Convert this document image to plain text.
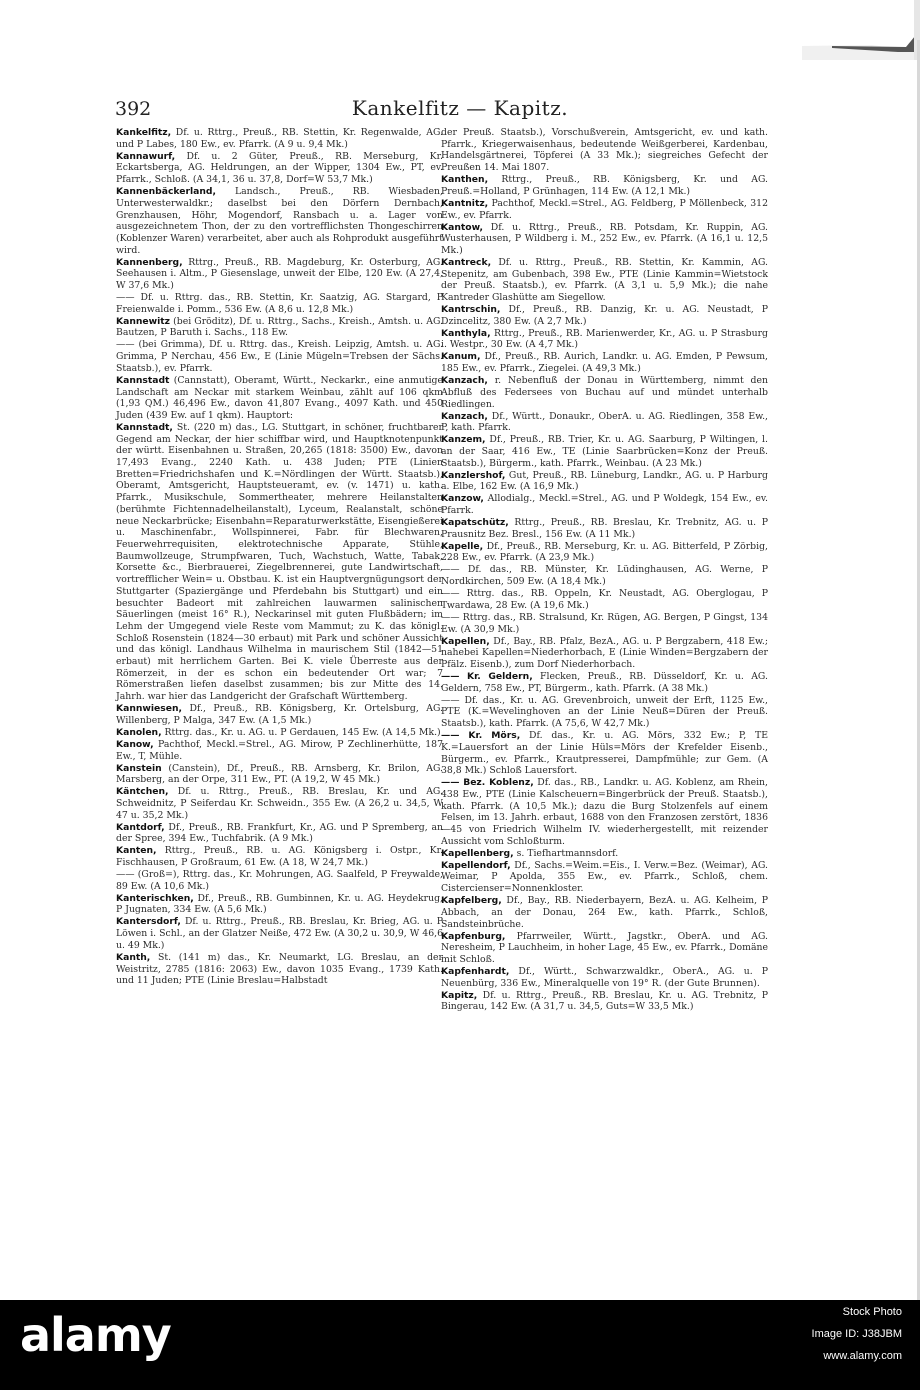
392	Kankelfitz — Kapitz.

Kankelfitz, Df. u. Rttrg., Preuß., RB. Stettin, Kr. Regenwalde, AG. und P Labes, 180 Ew., ev. Pfarrk. (A 9 u. 9,4 Mk.)

Kannawurf, Df. u. 2 Güter, Preuß., RB. Merseburg, Kr. Eckartsberga, AG. Heldrungen, an der Wipper, 1304 Ew., PT, ev. Pfarrk., Schloß. (A 34,1, 36 u. 37,8, Dorf=W 53,7 Mk.)

Kannenbäckerland, Landsch., Preuß., RB. Wiesbaden, Unterwesterwaldkr.; daselbst bei den Dörfern Dernbach, Grenzhausen, Höhr, Mogendorf, Ransbach u. a. Lager von ausgezeichnetem Thon, der zu den vortrefflichsten Thongeschirren (Koblenzer Waren) verarbeitet, aber auch als Rohprodukt ausgeführt wird.

Kannenberg, Rttrg., Preuß., RB. Magdeburg, Kr. Osterburg, AG. Seehausen i. Altm., P Giesenslage, unweit der Elbe, 120 Ew. (A 27,4, W 37,6 Mk.)

—— Df. u. Rttrg. das., RB. Stettin, Kr. Saatzig, AG. Stargard, P Freienwalde i. Pomm., 536 Ew. (A 8,6 u. 12,8 Mk.)

Kannewitz (bei Gröditz), Df. u. Rttrg., Sachs., Kreish., Amtsh. u. AG. Bautzen, P Baruth i. Sachs., 118 Ew.

—— (bei Grimma), Df. u. Rttrg. das., Kreish. Leipzig, Amtsh. u. AG. Grimma, P Nerchau, 456 Ew., E (Linie Mügeln=Trebsen der Sächs. Staatsb.), ev. Pfarrk.

Kannstadt (Cannstatt), Oberamt, Württ., Neckarkr., eine anmutige Landschaft am Neckar mit starkem Weinbau, zählt auf 106 qkm (1,93 QM.) 46,496 Ew., davon 41,807 Evang., 4097 Kath. und 450 Juden (439 Ew. auf 1 qkm). Hauptort:

Kannstadt, St. (220 m) das., LG. Stuttgart, in schöner, fruchtbarer Gegend am Neckar, der hier schiffbar wird, und Hauptknotenpunkt der württ. Eisenbahnen u. Straßen, 20,265 (1818: 3500) Ew., davon 17,493 Evang., 2240 Kath. u. 438 Juden; PTE (Linien Bretten=Friedrichshafen und K.=Nördlingen der Württ. Staatsb.), Oberamt, Amtsgericht, Hauptsteueramt, ev. (v. 1471) u. kath. Pfarrk., Musikschule, Sommertheater, mehrere Heilanstalten (berühmte Fichtennadelheilanstalt), Lyceum, Realanstalt, schöne neue Neckarbrücke; Eisenbahn=Reparaturwerkstätte, Eisengießerei u. Maschinenfabr., Wollspinnerei, Fabr. für Blechwaren, Feuerwehrrequisiten, elektrotechnische Apparate, Stühle, Baumwollzeuge, Strumpfwaren, Tuch, Wachstuch, Watte, Tabak, Korsette &c., Bierbrauerei, Ziegelbrennerei, gute Landwirtschaft, vortrefflicher Wein= u. Obstbau. K. ist ein Hauptvergnügungsort der Stuttgarter (Spaziergänge und Pferdebahn bis Stuttgart) und ein besuchter Badeort mit zahlreichen lauwarmen salinischen Säuerlingen (meist 16° R.), Neckarinsel mit guten Flußbädern; im Lehm der Umgegend viele Reste vom Mammut; zu K. das königl. Schloß Rosenstein (1824—30 erbaut) mit Park und schöner Aussicht und das königl. Landhaus Wilhelma in maurischem Stil (1842—51 erbaut) mit herrlichem Garten. Bei K. viele Überreste aus der Römerzeit, in der es schon ein bedeutender Ort war; 7 Römerstraßen liefen daselbst zusammen; bis zur Mitte des 14. Jahrh. war hier das Landgericht der Grafschaft Württemberg.

Kannwiesen, Df., Preuß., RB. Königsberg, Kr. Ortelsburg, AG. Willenberg, P Malga, 347 Ew. (A 1,5 Mk.)

Kanolen, Rttrg. das., Kr. u. AG. u. P Gerdauen, 145 Ew. (A 14,5 Mk.)

Kanow, Pachthof, Meckl.=Strel., AG. Mirow, P Zechlinerhütte, 187 Ew., T, Mühle.

Kanstein (Canstein), Df., Preuß., RB. Arnsberg, Kr. Brilon, AG. Marsberg, an der Orpe, 311 Ew., PT. (A 19,2, W 45 Mk.)

Käntchen, Df. u. Rttrg., Preuß., RB. Breslau, Kr. und AG. Schweidnitz, P Seiferdau Kr. Schweidn., 355 Ew. (A 26,2 u. 34,5, W 47 u. 35,2 Mk.)

Kantdorf, Df., Preuß., RB. Frankfurt, Kr., AG. und P Spremberg, an der Spree, 394 Ew., Tuchfabrik. (A 9 Mk.)

Kanten, Rttrg., Preuß., RB. u. AG. Königsberg i. Ostpr., Kr. Fischhausen, P Großraum, 61 Ew. (A 18, W 24,7 Mk.)

—— (Groß=), Rttrg. das., Kr. Mohrungen, AG. Saalfeld, P Freywalde, 89 Ew. (A 10,6 Mk.)

Kanterischken, Df., Preuß., RB. Gumbinnen, Kr. u. AG. Heydekrug, P Jugnaten, 334 Ew. (A 5,6 Mk.)

Kantersdorf, Df. u. Rttrg., Preuß., RB. Breslau, Kr. Brieg, AG. u. P Löwen i. Schl., an der Glatzer Neiße, 472 Ew. (A 30,2 u. 30,9, W 46,6 u. 49 Mk.)

Kanth, St. (141 m) das., Kr. Neumarkt, LG. Breslau, an der Weistritz, 2785 (1816: 2063) Ew., davon 1035 Evang., 1739 Kath. und 11 Juden; PTE (Linie Breslau=Halbstadt

der Preuß. Staatsb.), Vorschußverein, Amtsgericht, ev. und kath. Pfarrk., Kriegerwaisenhaus, bedeutende Weißgerberei, Kardenbau, Handelsgärtnerei, Töpferei (A 33 Mk.); siegreiches Gefecht der Preußen 14. Mai 1807.

Kanthen, Rttrg., Preuß., RB. Königsberg, Kr. und AG. Preuß.=Holland, P Grünhagen, 114 Ew. (A 12,1 Mk.)

Kantnitz, Pachthof, Meckl.=Strel., AG. Feldberg, P Möllenbeck, 312 Ew., ev. Pfarrk.

Kantow, Df. u. Rttrg., Preuß., RB. Potsdam, Kr. Ruppin, AG. Wusterhausen, P Wildberg i. M., 252 Ew., ev. Pfarrk. (A 16,1 u. 12,5 Mk.)

Kantreck, Df. u. Rttrg., Preuß., RB. Stettin, Kr. Kammin, AG. Stepenitz, am Gubenbach, 398 Ew., PTE (Linie Kammin=Wietstock der Preuß. Staatsb.), ev. Pfarrk. (A 3,1 u. 5,9 Mk.); die nahe Kantreder Glashütte am Siegellow.

Kantrschin, Df., Preuß., RB. Danzig, Kr. u. AG. Neustadt, P Dzincelitz, 380 Ew. (A 2,7 Mk.)

Kanthyla, Rttrg., Preuß., RB. Marienwerder, Kr., AG. u. P Strasburg i. Westpr., 30 Ew. (A 4,7 Mk.)

Kanum, Df., Preuß., RB. Aurich, Landkr. u. AG. Emden, P Pewsum, 185 Ew., ev. Pfarrk., Ziegelei. (A 49,3 Mk.)

Kanzach, r. Nebenfluß der Donau in Württemberg, nimmt den Abfluß des Federsees von Buchau auf und mündet unterhalb Riedlingen.

Kanzach, Df., Württ., Donaukr., OberA. u. AG. Riedlingen, 358 Ew., P, kath. Pfarrk.

Kanzem, Df., Preuß., RB. Trier, Kr. u. AG. Saarburg, P Wiltingen, l. an der Saar, 416 Ew., TE (Linie Saarbrücken=Konz der Preuß. Staatsb.), Bürgerm., kath. Pfarrk., Weinbau. (A 23 Mk.)

Kanzlershof, Gut, Preuß., RB. Lüneburg, Landkr., AG. u. P Harburg a. Elbe, 162 Ew. (A 16,9 Mk.)

Kanzow, Allodialg., Meckl.=Strel., AG. und P Woldegk, 154 Ew., ev. Pfarrk.

Kapatschütz, Rttrg., Preuß., RB. Breslau, Kr. Trebnitz, AG. u. P Prausnitz Bez. Bresl., 156 Ew. (A 11 Mk.)

Kapelle, Df., Preuß., RB. Merseburg, Kr. u. AG. Bitterfeld, P Zörbig, 228 Ew., ev. Pfarrk. (A 23,9 Mk.)

—— Df. das., RB. Münster, Kr. Lüdinghausen, AG. Werne, P Nordkirchen, 509 Ew. (A 18,4 Mk.)

—— Rttrg. das., RB. Oppeln, Kr. Neustadt, AG. Oberglogau, P Twardawa, 28 Ew. (A 19,6 Mk.)

—— Rttrg. das., RB. Stralsund, Kr. Rügen, AG. Bergen, P Gingst, 134 Ew. (A 30,9 Mk.)

Kapellen, Df., Bay., RB. Pfalz, BezA., AG. u. P Bergzabern, 418 Ew.; nahebei Kapellen=Niederhorbach, E (Linie Winden=Bergzabern der Pfälz. Eisenb.), zum Dorf Niederhorbach.

—— Kr. Geldern, Flecken, Preuß., RB. Düsseldorf, Kr. u. AG. Geldern, 758 Ew., PT, Bürgerm., kath. Pfarrk. (A 38 Mk.)

—— Df. das., Kr. u. AG. Grevenbroich, unweit der Erft, 1125 Ew., PTE (K.=Wevelinghoven an der Linie Neuß=Düren der Preuß. Staatsb.), kath. Pfarrk. (A 75,6, W 42,7 Mk.)

—— Kr. Mörs, Df. das., Kr. u. AG. Mörs, 332 Ew.; P, TE K.=Lauersfort an der Linie Hüls=Mörs der Krefelder Eisenb., Bürgerm., ev. Pfarrk., Krautpresserei, Dampfmühle; zur Gem. (A 38,8 Mk.) Schloß Lauersfort.

—— Bez. Koblenz, Df. das., RB., Landkr. u. AG. Koblenz, am Rhein, 438 Ew., PTE (Linie Kalscheuern=Bingerbrück der Preuß. Staatsb.), kath. Pfarrk. (A 10,5 Mk.); dazu die Burg Stolzenfels auf einem Felsen, im 13. Jahrh. erbaut, 1688 von den Franzosen zerstört, 1836—45 von Friedrich Wilhelm IV. wiederhergestellt, mit reizender Aussicht vom Schloßturm.

Kapellenberg, s. Tiefhartmannsdorf.

Kapellendorf, Df., Sachs.=Weim.=Eis., I. Verw.=Bez. (Weimar), AG. Weimar, P Apolda, 355 Ew., ev. Pfarrk., Schloß, chem. Cistercienser=Nonnenkloster.

Kapfelberg, Df., Bay., RB. Niederbayern, BezA. u. AG. Kelheim, P Abbach, an der Donau, 264 Ew., kath. Pfarrk., Schloß, Sandsteinbrüche.

Kapfenburg, Pfarrweiler, Württ., Jagstkr., OberA. und AG. Neresheim, P Lauchheim, in hoher Lage, 45 Ew., ev. Pfarrk., Domäne mit Schloß.

Kapfenhardt, Df., Württ., Schwarzwaldkr., OberA., AG. u. P Neuenbürg, 336 Ew., Mineralquelle von 19° R. (der Gute Brunnen).

Kapitz, Df. u. Rttrg., Preuß., RB. Breslau, Kr. u. AG. Trebnitz, P Bingerau, 142 Ew. (A 31,7 u. 34,5, Guts=W 33,5 Mk.)

alamy	Stock Photo
Image ID: J38JBM
www.alamy.com
